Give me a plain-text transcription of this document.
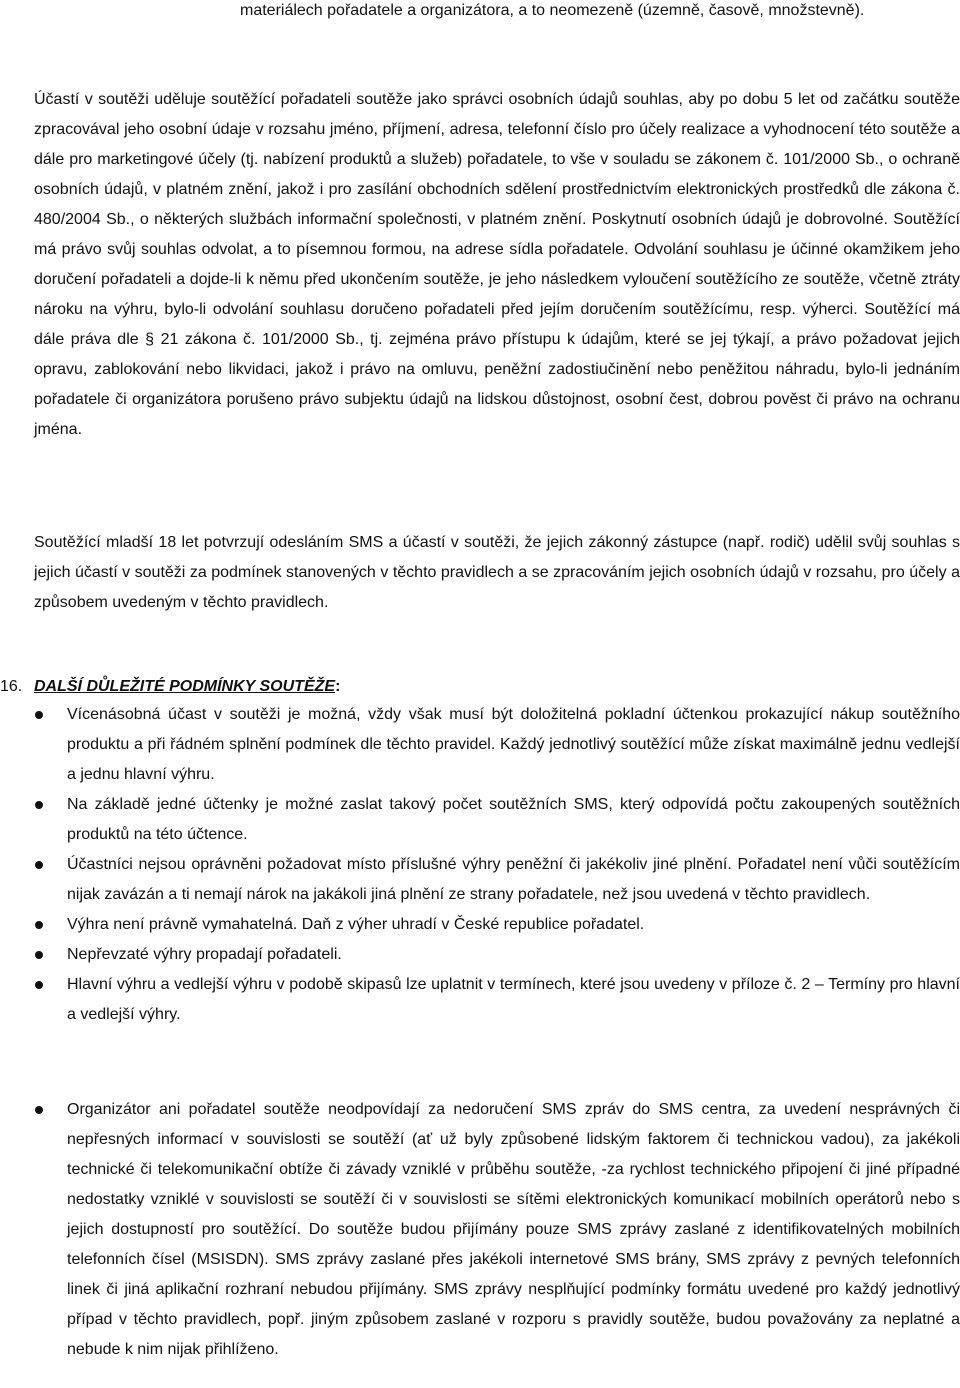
materiálech pořadatele a organizátora, a to neomezeně (územně, časově, množstevně).

Účastí v soutěži uděluje soutěžící pořadateli soutěže jako správci osobních údajů souhlas, aby po dobu 5 let od začátku soutěže zpracovával jeho osobní údaje v rozsahu jméno, příjmení, adresa, telefonní číslo pro účely realizace a vyhodnocení této soutěže a dále pro marketingové účely (tj. nabízení produktů a služeb) pořadatele, to vše v souladu se zákonem č. 101/2000 Sb., o ochraně osobních údajů, v platném znění, jakož i pro zasílání obchodních sdělení prostřednictvím elektronických prostředků dle zákona č. 480/2004 Sb., o některých službách informační společnosti, v platném znění. Poskytnutí osobních údajů je dobrovolné. Soutěžící má právo svůj souhlas odvolat, a to písemnou formou, na adrese sídla pořadatele. Odvolání souhlasu je účinné okamžikem jeho doručení pořadateli a dojde-li k němu před ukončením soutěže, je jeho následkem vyloučení soutěžícího ze soutěže, včetně ztráty nároku na výhru, bylo-li odvolání souhlasu doručeno pořadateli před jejím doručením soutěžícímu, resp. výherci. Soutěžící má dále práva dle § 21 zákona č. 101/2000 Sb., tj. zejména právo přístupu k údajům, které se jej týkají, a právo požadovat jejich opravu, zablokování nebo likvidaci, jakož i právo na omluvu, peněžní zadostiučinění nebo peněžitou náhradu, bylo-li jednáním pořadatele či organizátora porušeno právo subjektu údajů na lidskou důstojnost, osobní čest, dobrou pověst či právo na ochranu jména.

Soutěžící mladší 18 let potvrzují odesláním SMS a účastí v soutěži, že jejich zákonný zástupce (např. rodič) udělil svůj souhlas s jejich účastí v soutěži za podmínek stanovených v těchto pravidlech a se zpracováním jejich osobních údajů v rozsahu, pro účely a způsobem uvedeným v těchto pravidlech.

16. DALŠÍ DŮLEŽITÉ PODMÍNKY SOUTĚŽE:

Vícenásobná účast v soutěži je možná, vždy však musí být doložitelná pokladní účtenkou prokazující nákup soutěžního produktu a při řádném splnění podmínek dle těchto pravidel. Každý jednotlivý soutěžící může získat maximálně jednu vedlejší a jednu hlavní výhru.

Na základě jedné účtenky je možné zaslat takový počet soutěžních SMS, který odpovídá počtu zakoupených soutěžních produktů na této účtence.

Účastníci nejsou oprávněni požadovat místo příslušné výhry peněžní či jakékoliv jiné plnění. Pořadatel není vůči soutěžícím nijak zavázán a ti nemají nárok na jakákoli jiná plnění ze strany pořadatele, než jsou uvedená v těchto pravidlech.

Výhra není právně vymahatelná. Daň z výher uhradí v České republice pořadatel.

Nepřevzaté výhry propadají pořadateli.

Hlavní výhru a vedlejší výhru v podobě skipasů lze uplatnit v termínech, které jsou uvedeny v příloze č. 2 – Termíny pro hlavní a vedlejší výhry.

Organizátor ani pořadatel soutěže neodpovídají za nedoručení SMS zpráv do SMS centra, za uvedení nesprávných či nepřesných informací v souvislosti se soutěží (ať už byly způsobené lidským faktorem či technickou vadou), za jakékoli technické či telekomunikační obtíže či závady vzniklé v průběhu soutěže, -za rychlost technického připojení či jiné případné nedostatky vzniklé v souvislosti se soutěží či v souvislosti se sítěmi elektronických komunikací mobilních operátorů nebo s jejich dostupností pro soutěžící. Do soutěže budou přijímány pouze SMS zprávy zaslané z identifikovatelných mobilních telefonních čísel (MSISDN). SMS zprávy zaslané přes jakékoli internetové SMS brány, SMS zprávy z pevných telefonních linek či jiná aplikační rozhraní nebudou přijímány. SMS zprávy nesplňující podmínky formátu uvedené pro každý jednotlivý případ v těchto pravidlech, popř. jiným způsobem zaslané v rozporu s pravidly soutěže, budou považovány za neplatné a nebude k nim nijak přihlíženo.
